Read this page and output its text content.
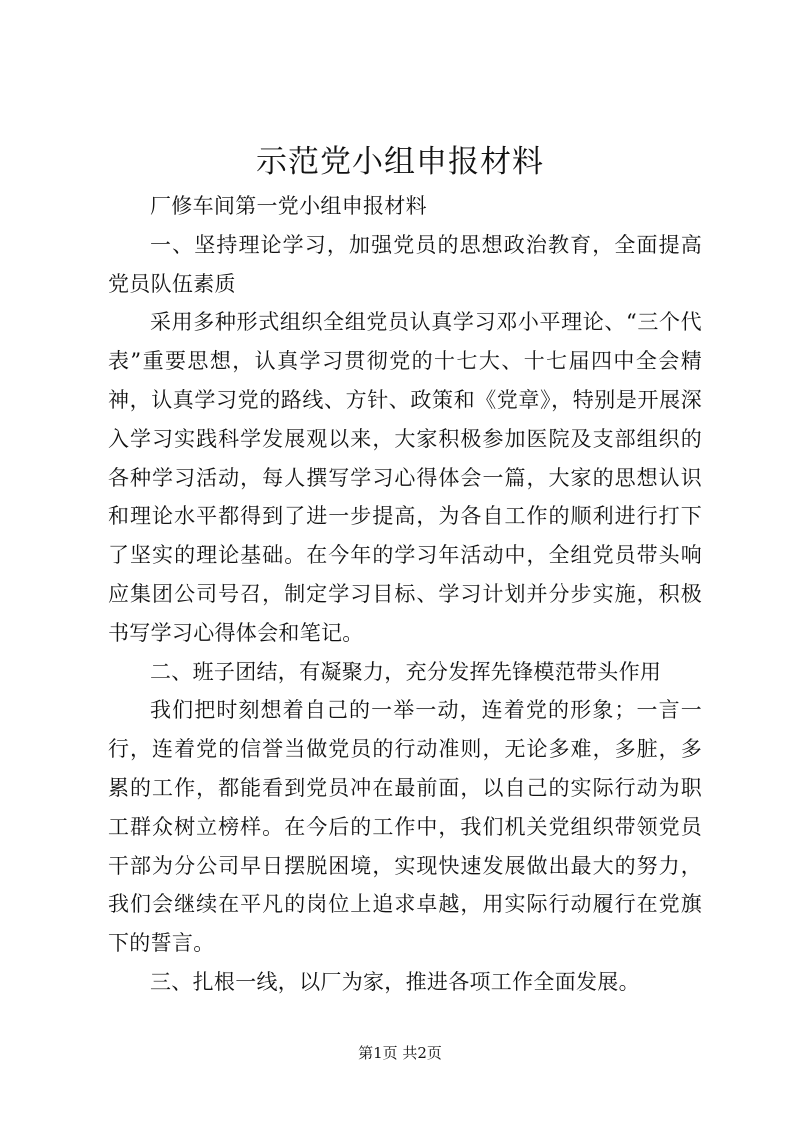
示范党小组申报材料

厂修车间第一党小组申报材料

一、坚持理论学习，加强党员的思想政治教育，全面提高党员队伍素质

采用多种形式组织全组党员认真学习邓小平理论、“三个代表”重要思想，认真学习贯彻党的十七大、十七届四中全会精神，认真学习党的路线、方针、政策和《党章》，特别是开展深入学习实践科学发展观以来，大家积极参加医院及支部组织的各种学习活动，每人撰写学习心得体会一篇，大家的思想认识和理论水平都得到了进一步提高，为各自工作的顺利进行打下了坚实的理论基础。在今年的学习年活动中，全组党员带头响应集团公司号召，制定学习目标、学习计划并分步实施，积极书写学习心得体会和笔记。

二、班子团结，有凝聚力，充分发挥先锋模范带头作用

我们把时刻想着自己的一举一动，连着党的形象；一言一行，连着党的信誉当做党员的行动准则，无论多难，多脏，多累的工作，都能看到党员冲在最前面，以自己的实际行动为职工群众树立榜样。在今后的工作中，我们机关党组织带领党员干部为分公司早日摆脱困境，实现快速发展做出最大的努力，我们会继续在平凡的岗位上追求卓越，用实际行动履行在党旗下的誓言。

三、扎根一线，以厂为家，推进各项工作全面发展。

第1页 共2页
